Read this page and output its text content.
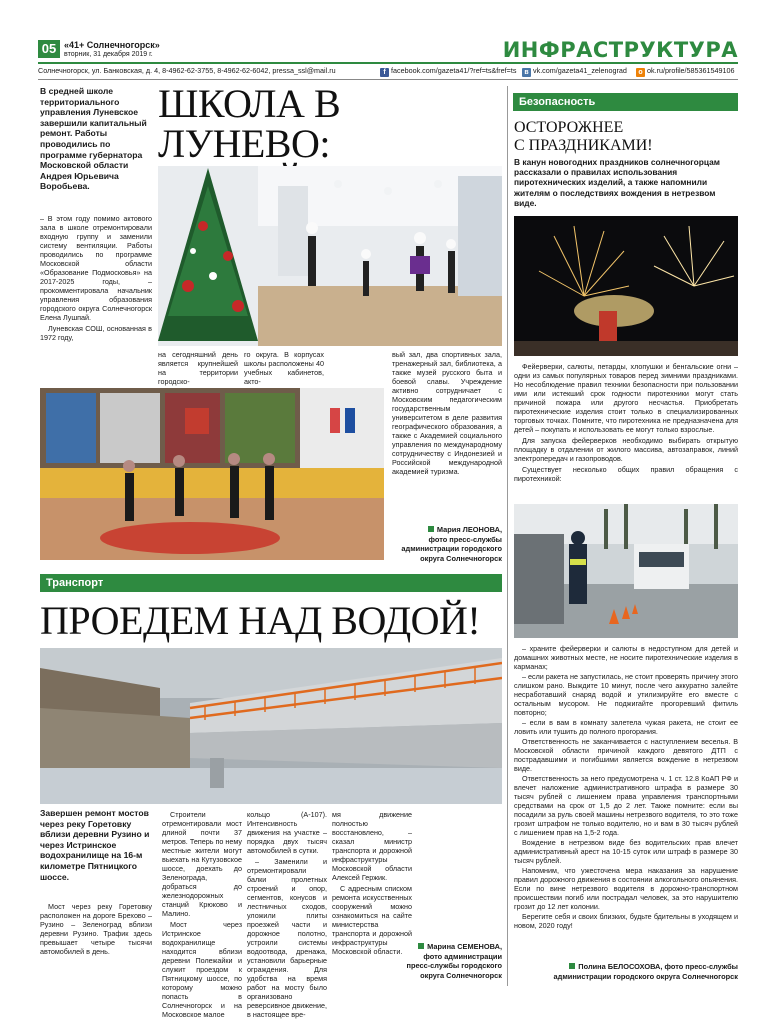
05 «41+ Солнечногорск»
вторник, 31 декабря 2019 г.	ИНФРАСТРУКТУРА
Солнечногорск, ул. Банковская, д. 4, 8-4962-62-3755, 8-4962-62-6042, pressa_ssl@mail.ru	f facebook.com/gazeta41/?ref=ts&fref=ts	в vk.com/gazeta41_zelenograd	o ok.ru/profile/585361549106
В средней школе территориального управления Луневское завершили капитальный ремонт. Работы проводились по программе губернатора Московской области Андрея Юрьевича Воробьева.
ШКОЛА В ЛУНЕВО:

– В этом году помимо актового зала в школе отремонтировали входную группу и заменили систему вентиляции. Работы проводились по программе Московской области «Образование Подмосковья» на 2017-2025 годы, – прокомментировала начальник управления образования городского округа Солнечногорск Елена Лушпай.

Луневская СОШ, основанная в 1972 году,

на сегодняшний день является крупнейшей на территории городско-
го округа. В корпусах школы расположены 40 учебных кабинетов, акто-
вый зал, два спортивных зала, тренажерный зал, библиотека, а также музей русского быта и боевой славы. Учреждение активно сотрудничает с Московским педагогическим государственным университетом в деле развития географического образования, а также с Академией социального управления по международному сотрудничеству с Индонезией и Российской международной академией туризма.
Мария ЛЕОНОВА,
фото пресс-службы
администрации городского
округа Солнечногорск
Транспорт
ПРОЕДЕМ НАД ВОДОЙ!
Завершен ремонт мостов через реку Горетовку вблизи деревни Рузино и через Истринское водохранилище на 16-м километре Пятницкого шоссе.
Мост через реку Горетовку расположен на дороге Брехово – Рузино – Зеленоград вблизи деревни Рузино. Трафик здесь превышает четыре тысячи автомобилей в день.

Строители отремонтировали мост длиной почти 37 метров. Теперь по нему местные жители могут выехать на Кутузовское шоссе, доехать до Зеленограда, добраться до железнодорожных станций Крюково и Малино.

Мост через Истринское водохранилище находится вблизи деревни Полежайки и служит проездом к Пятницкому шоссе, по которому можно попасть в Солнечногорск и на Московское малое

кольцо (А-107). Интенсивность движения на участке – порядка двух тысяч автомобилей в сутки.

– Заменили и отремонтировали балки пролетных строений и опор, сегментов, конусов и лестничных сходов, уложили плиты проезжей части и дорожное полотно, устроили системы водоотвода, дренажа, установили барьерные ограждения. Для удобства на время работ на мосту было организовано реверсивное движение, в настоящее вре-

мя движение полностью восстановлено, – сказал министр транспорта и дорожной инфраструктуры Московской области Алексей Гержик.

С адресным списком ремонта искусственных сооружений можно ознакомиться на сайте министерства транспорта и дорожной инфраструктуры Московской области.

Марина СЕМЕНОВА,
фото администрации
пресс-службы городского
округа Солнечногорск
Безопасность
ОСТОРОЖНЕЕ
С ПРАЗДНИКАМИ!
В канун новогодних праздников солнечногорцам рассказали о правилах использования пиротехнических изделий, а также напомнили жителям о последствиях вождения в нетрезвом виде.

Фейерверки, салюты, петарды, хлопушки и бенгальские огни – одни из самых популярных товаров перед зимними праздниками. Но несоблюдение правил техники безопасности при пользовании ими или истекший срок годности пиротехники могут стать причиной пожара или другого несчастья. Приобретать пиротехнические изделия стоит только в специализированных торговых точках. Помните, что пиротехника не предназначена для детей – покупать и использовать ее могут только взрослые.

Для запуска фейерверков необходимо выбирать открытую площадку в отдалении от жилого массива, автозаправок, линий электропередач и газопроводов.

Существует несколько общих правил обращения с пиротехникой:

– храните фейерверки и салюты в недоступном для детей и домашних животных месте, не носите пиротехнические изделия в карманах;

– если ракета не запустилась, не стоит проверять причину этого слишком рано. Выждите 10 минут, после чего аккуратно залейте несработавший снаряд водой и утилизируйте его вместе с остальным мусором. Не поджигайте прогоревший фитиль повторно;

– если в вам в комнату залетела чужая ракета, не стоит ее ловить или тушить до полного прогорания.

Ответственность не заканчивается с наступлением веселья. В Московской области причиной каждого девятого ДТП с пострадавшими и погибшими является вождение в нетрезвом виде.

Ответственность за него предусмотрена ч. 1 ст. 12.8 КоАП РФ и влечет наложение административного штрафа в размере 30 тысяч рублей с лишением права управления транспортными средствами на срок от 1,5 до 2 лет. Также помните: если вы посадили за руль своей машины нетрезвого водителя, то это тоже грозит штрафом не только водителю, но и вам в 30 тысяч рублей с лишением прав на 1,5-2 года.

Вождение в нетрезвом виде без водительских прав влечет административный арест на 10-15 суток или штраф в размере 30 тысяч рублей.

Напомним, что ужесточена мера наказания за нарушение правил дорожного движения в состоянии алкогольного опьянения. Если по вине нетрезвого водителя в дорожно-транспортном происшествии погиб или пострадал человек, за это нарушителю грозит до 12 лет колонии.

Берегите себя и своих близких, будьте бдительны в уходящем и новом, 2020 году!

Полина БЕЛОСОХОВА, фото пресс-службы
администрации городского округа Солнечногорск
